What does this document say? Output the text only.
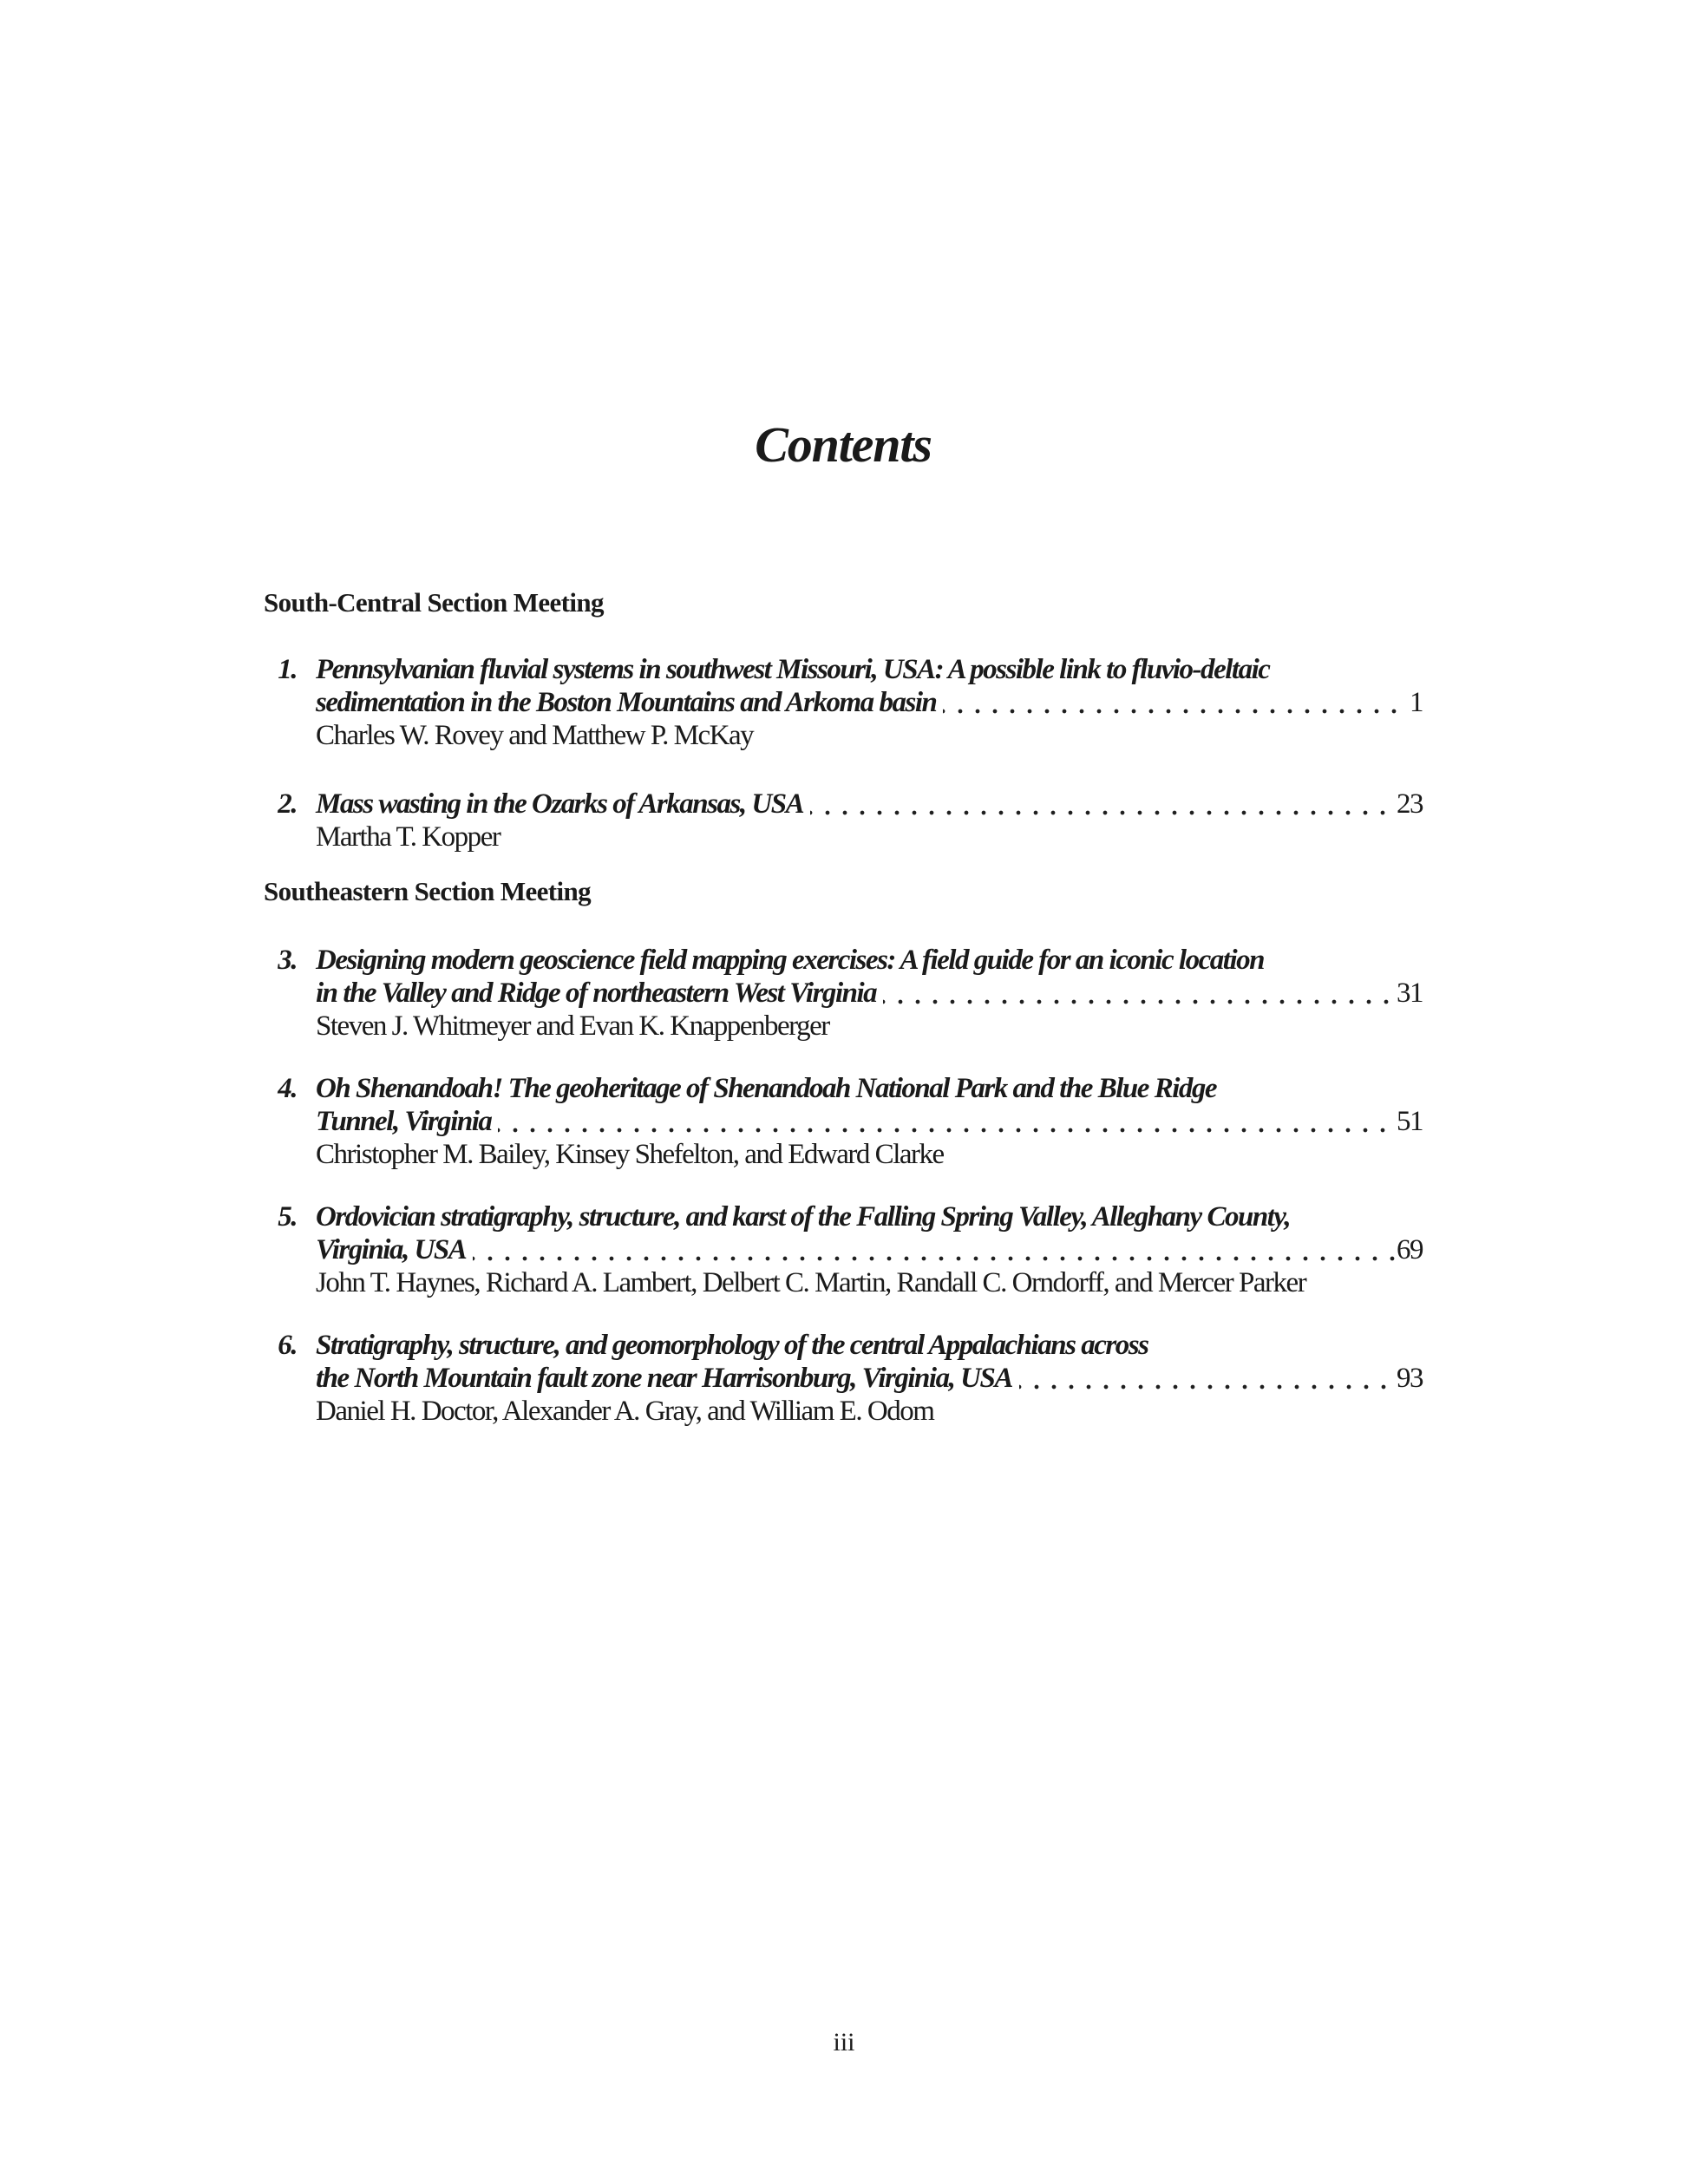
Contents
South-Central Section Meeting
1. Pennsylvanian fluvial systems in southwest Missouri, USA: A possible link to fluvio-deltaic
sedimentation in the Boston Mountains and Arkoma basin	1
Charles W. Rovey and Matthew P. McKay
2. Mass wasting in the Ozarks of Arkansas, USA	23
Martha T. Kopper
Southeastern Section Meeting
3. Designing modern geoscience field mapping exercises: A field guide for an iconic location
in the Valley and Ridge of northeastern West Virginia	31
Steven J. Whitmeyer and Evan K. Knappenberger
4. Oh Shenandoah! The geoheritage of Shenandoah National Park and the Blue Ridge
Tunnel, Virginia	51
Christopher M. Bailey, Kinsey Shefelton, and Edward Clarke
5. Ordovician stratigraphy, structure, and karst of the Falling Spring Valley, Alleghany County,
Virginia, USA	69
John T. Haynes, Richard A. Lambert, Delbert C. Martin, Randall C. Orndorff, and Mercer Parker
6. Stratigraphy, structure, and geomorphology of the central Appalachians across
the North Mountain fault zone near Harrisonburg, Virginia, USA	93
Daniel H. Doctor, Alexander A. Gray, and William E. Odom
iii
